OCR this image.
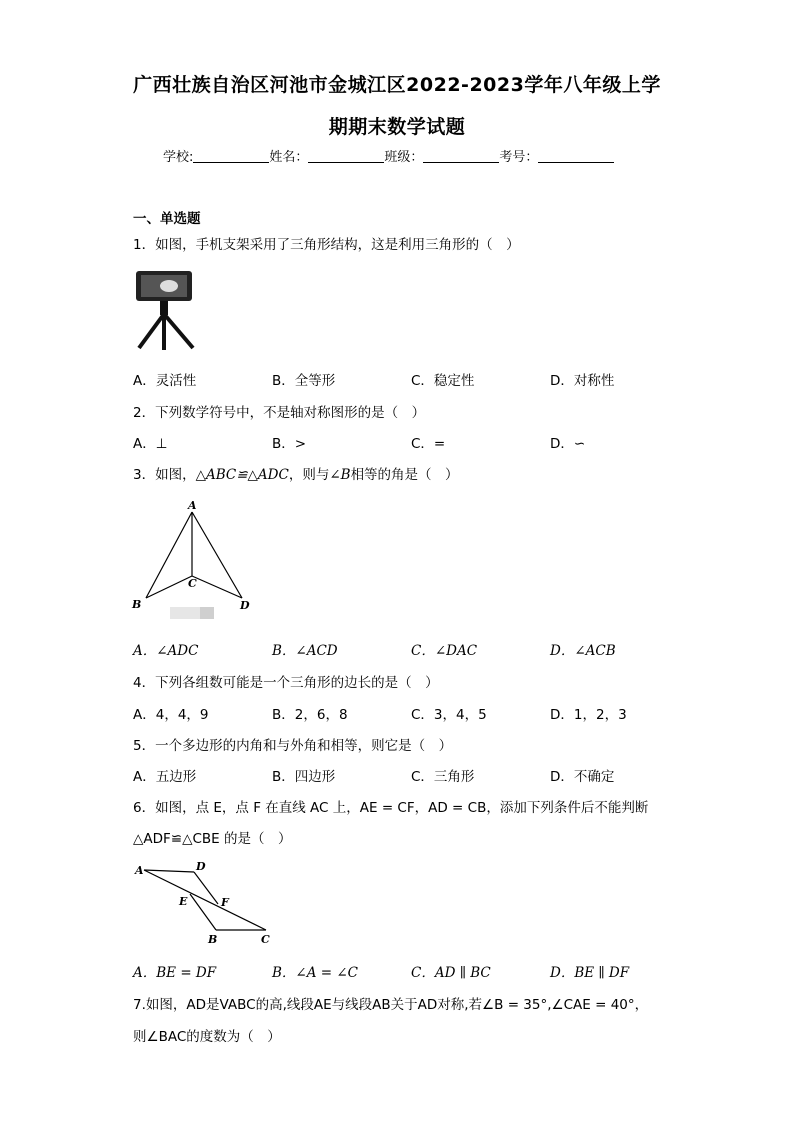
广西壮族自治区河池市金城江区2022-2023学年八年级上学
期期末数学试题
学校:	姓名：	班级：	考号：
一、单选题
1．如图，手机支架采用了三角形结构，这是利用三角形的（　）
A．灵活性	B．全等形	C．稳定性	D．对称性
2．下列数学符号中，不是轴对称图形的是（　）
A．⊥	B．>	C．=	D．∽
3．如图，△ABC≌△ADC，则与∠B相等的角是（　）
A
B
C
D
A．∠ADC	B．∠ACD	C．∠DAC	D．∠ACB
4．下列各组数可能是一个三角形的边长的是（　）
A．4，4，9	B．2，6，8	C．3，4，5	D．1，2，3
5．一个多边形的内角和与外角和相等，则它是（　）
A．五边形	B．四边形	C．三角形	D．不确定
6．如图，点 E，点 F 在直线 AC 上，AE = CF，AD = CB，添加下列条件后不能判断
△ADF≌△CBE 的是（　）
A	D
E	F
B	C
A．BE = DF	B．∠A = ∠C	C．AD ∥ BC	D．BE ∥ DF
7.如图，AD是VABC的高,线段AE与线段AB关于AD对称,若∠B = 35°,∠CAE = 40°，
则∠BAC的度数为（　）
